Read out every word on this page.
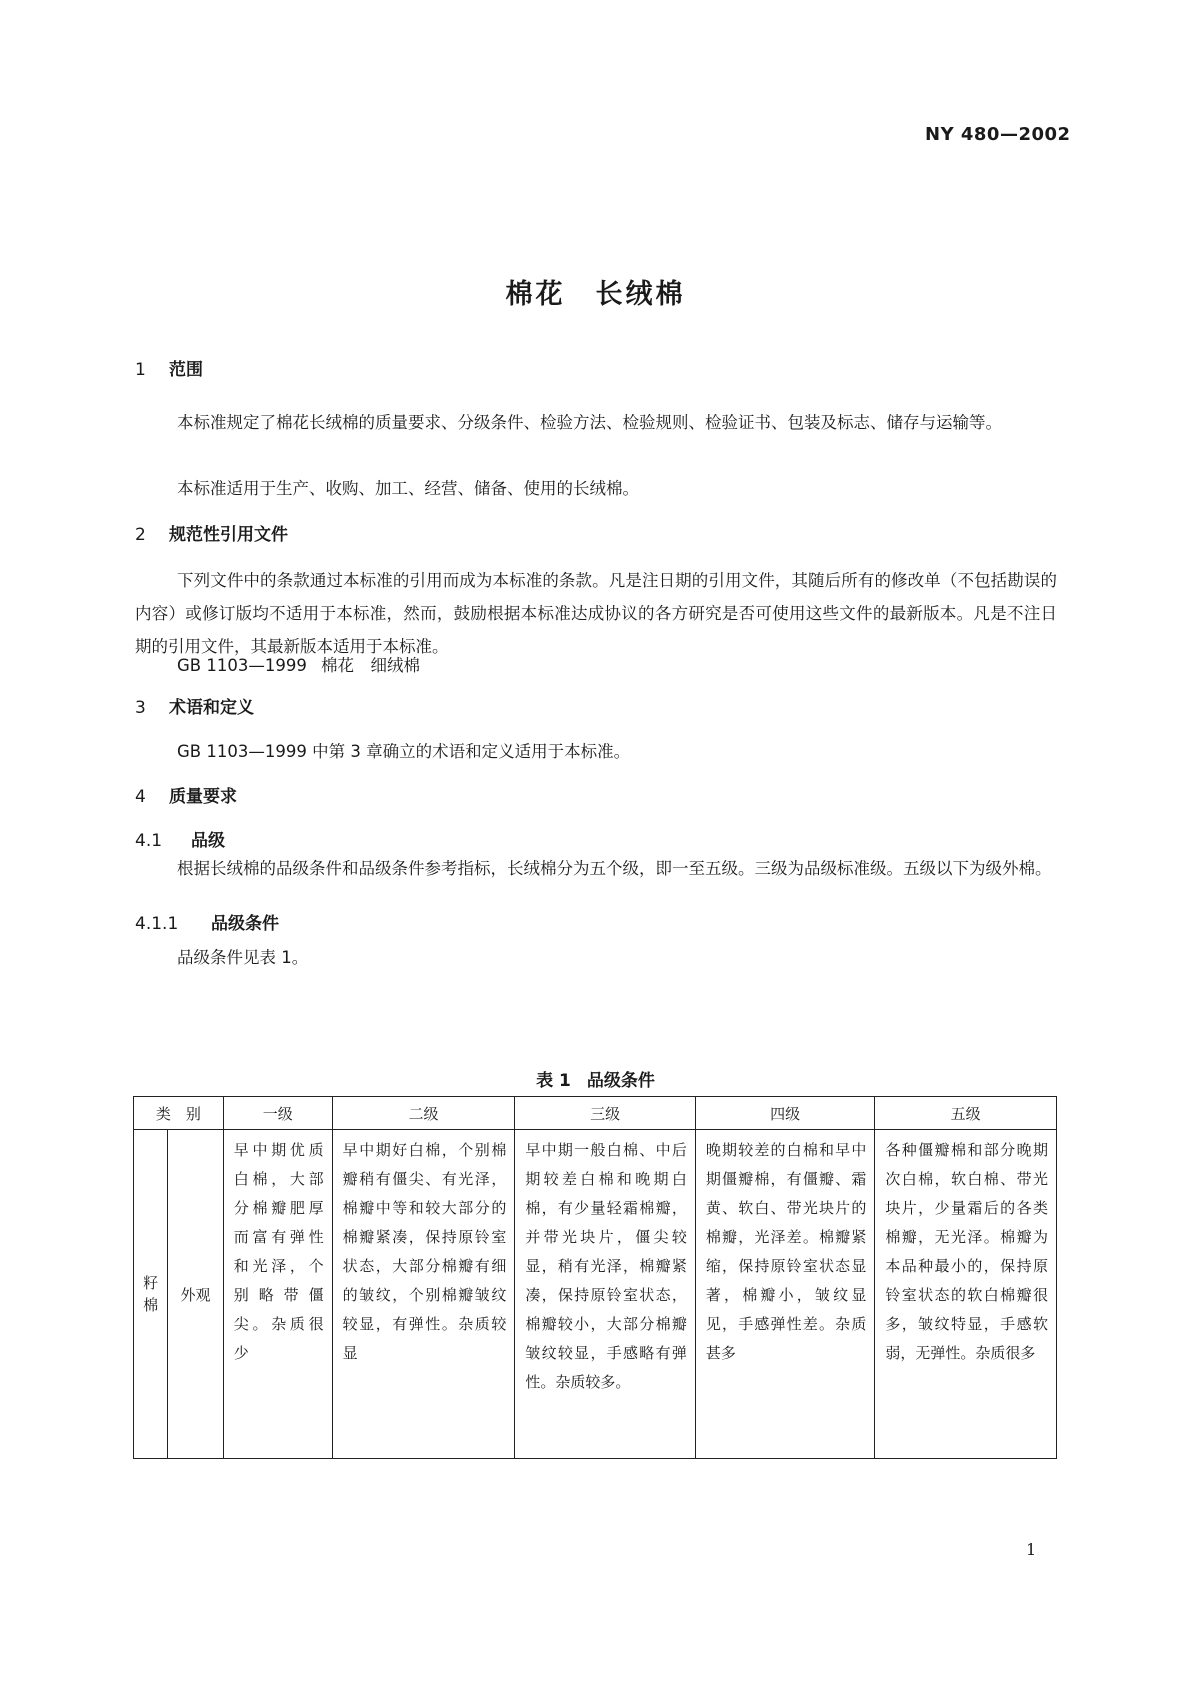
NY 480—2002
棉花　长绒棉
1 范围
本标准规定了棉花长绒棉的质量要求、分级条件、检验方法、检验规则、检验证书、包装及标志、储存与运输等。
本标准适用于生产、收购、加工、经营、储备、使用的长绒棉。
2 规范性引用文件
下列文件中的条款通过本标准的引用而成为本标准的条款。凡是注日期的引用文件，其随后所有的修改单（不包括勘误的内容）或修订版均不适用于本标准，然而，鼓励根据本标准达成协议的各方研究是否可使用这些文件的最新版本。凡是不注日期的引用文件，其最新版本适用于本标准。
GB 1103—1999 棉花　细绒棉
3 术语和定义
GB 1103—1999 中第 3 章确立的术语和定义适用于本标准。
4 质量要求
4.1 品级
根据长绒棉的品级条件和品级条件参考指标，长绒棉分为五个级，即一至五级。三级为品级标准级。五级以下为级外棉。
4.1.1 品级条件
品级条件见表 1。
表 1 品级条件
类　别		一级	二级	三级	四级	五级
籽棉	外观	早中期优质白棉，大部分棉瓣肥厚而富有弹性和光泽，个别略带僵尖。杂质很少	早中期好白棉，个别棉瓣稍有僵尖、有光泽，棉瓣中等和较大部分的棉瓣紧凑，保持原铃室状态，大部分棉瓣有细的皱纹，个别棉瓣皱纹较显，有弹性。杂质较显	早中期一般白棉、中后期较差白棉和晚期白棉，有少量轻霜棉瓣，并带光块片，僵尖较显，稍有光泽，棉瓣紧凑，保持原铃室状态，棉瓣较小，大部分棉瓣皱纹较显，手感略有弹性。杂质较多。	晚期较差的白棉和早中期僵瓣棉，有僵瓣、霜黄、软白、带光块片的棉瓣，光泽差。棉瓣紧缩，保持原铃室状态显著，棉瓣小，皱纹显见，手感弹性差。杂质甚多	各种僵瓣棉和部分晚期次白棉，软白棉、带光块片，少量霜后的各类棉瓣，无光泽。棉瓣为本品种最小的，保持原铃室状态的软白棉瓣很多，皱纹特显，手感软弱，无弹性。杂质很多
1
